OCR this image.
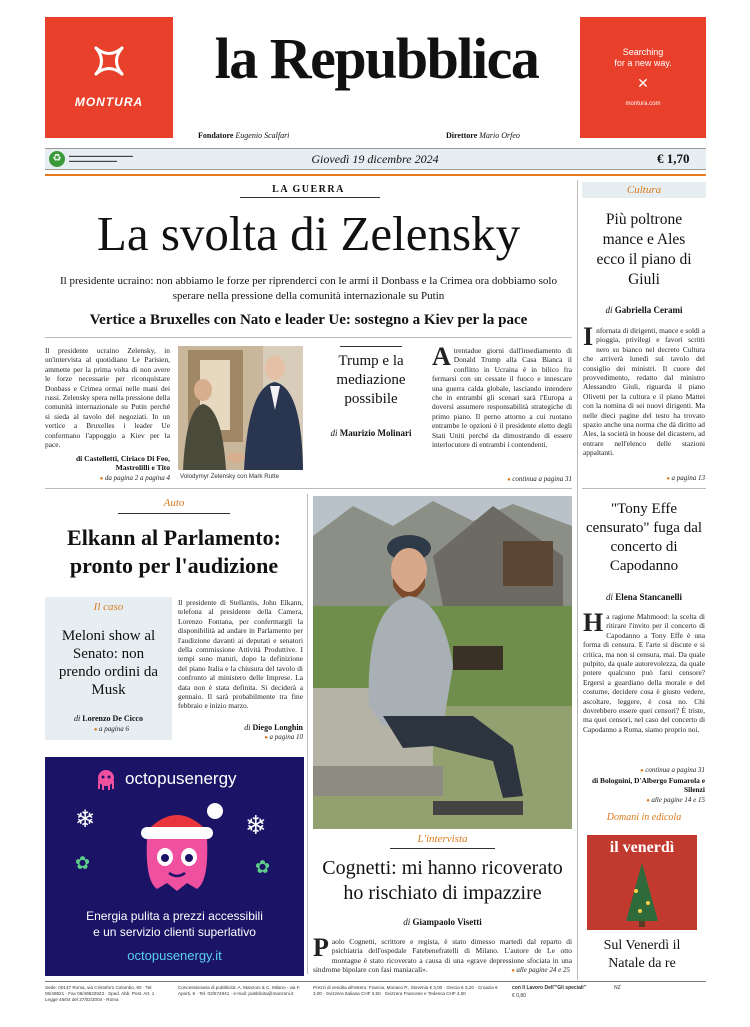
MONTURA
la Repubblica
Fondatore Eugenio Scalfari	Direttore Mario Orfeo
Searching
for a new way.
✕
montura.com
♻	▬▬▬▬▬▬▬▬▬▬▬▬▬▬▬▬
▬▬▬▬▬▬▬▬▬▬▬▬	Giovedì 19 dicembre 2024	€ 1,70
LA GUERRA
La svolta di Zelensky
Il presidente ucraino: non abbiamo le forze per riprenderci con le armi il Donbass e la Crimea ora dobbiamo solo sperare nella pressione della comunità internazionale su Putin
Vertice a Bruxelles con Nato e leader Ue: sostegno a Kiev per la pace
Il presidente ucraino Zelensky, in un'intervista al quotidiano Le Parisien, ammette per la prima volta di non avere le forze necessarie per riconquistare Donbass e Crimea ormai nelle mani dei russi. Zelensky spera nella pressione della comunità internazionale su Putin perché si sieda al tavolo del negoziati. In un vertice a Bruxelles i leader Ue confermano l'appoggio a Kiev per la pace.
di Castelletti, Ciriaco Di Feo, Mastrolilli e Tito
● da pagina 2 a pagina 4 Volodymyr Zelensky con Mark Rutte
Trump e la mediazione possibile
di Maurizio Molinari
Atrentadue giorni dall'insediamento di Donald Trump alla Casa Bianca il conflitto in Ucraina è in bilico fra fermarsi con un cessate il fuoco e innescare una guerra calda globale, lasciando intendere che in entrambi gli scenari sarà l'Europa a doversi assumere responsabilità strategiche di primo piano. Il perno attorno a cui ruotano entrambe le opzioni è il presidente eletto degli Stati Uniti perché da dimostrando di essere interlocutore di entrambi i contendenti.
● continua a pagina 31
Auto
Elkann al Parlamento: pronto per l'audizione
Il caso
Meloni show al Senato: non prendo ordini da Musk
di Lorenzo De Cicco
● a pagina 6
Il presidente di Stellantis, John Elkann, telefona al presidente della Camera, Lorenzo Fontana, per confermargli la disponibilità ad andare in Parlamento per l'audizione davanti ai deputati e senatori della commissione Attività Produttive. I tempi sono maturi, dopo la definizione del piano Italia e la chiusura del tavolo di confronto al ministero delle Imprese. La data non è stata definita. Si deciderà a gennaio. Il sarà probabilmente tra fine febbraio e inizio marzo.
di Diego Longhin
● a pagina 10
octopusenergy
❄	❄
✿	✿
Energia pulita a prezzi accessibili
e un servizio clienti superlativo
octopusenergy.it
L'intervista
Cognetti: mi hanno ricoverato ho rischiato di impazzire
di Giampaolo Visetti
Paolo Cognetti, scrittore e regista, è stato dimesso martedì dal reparto di psichiatria dell'ospedale Fatebenefratelli di Milano. L'autore de Le otto montagne è stato ricoverato a causa di una «grave depressione sfociata in una sindrome bipolare con fasi maniacali».
●	alle pagine 24 e 25
Cultura
Più poltrone mance e Ales ecco il piano di Giuli
di Gabriella Cerami
Infornata di dirigenti, mance e soldi a pioggia, privilegi e favori scritti nero su bianco nel decreto Cultura che arriverà lunedì sul tavolo del consiglio dei ministri. Il cuore del provvedimento, redatto dal ministro Alessandro Giuli, riguarda il piano Olivetti per la cultura e il piano Mattei con la nomina di sei nuovi dirigenti. Ma nelle dieci pagine del testo ha trovato spazio anche una norma che dà diritto ad Ales, la società in house del dicastero, ad entrare nell'elenco delle stazioni appaltanti.
● a pagina 13
"Tony Effe censurato" fuga dal concerto di Capodanno
di Elena Stancanelli
Ha ragione Mahmood: la scelta di ritirare l'invito per il concerto di Capodanno a Tony Effe è una forma di censura. E l'arte si discute e si critica, ma non si censura, mai. Da quale pulpito, da quale autorevolezza, da quale potere qualcuno può farsi censore? Ergersi a guardiano della morale e del costume, decidere cosa è giusto vedere, ascoltare, leggere, è cosa no. Chi dovrebbero essere quei censori? È triste, ma quei censori, nel caso del concerto di Capodanno a Roma, siamo proprio noi.
● continua a pagina 31
di Bolognini, D'Albergo Fumarola e Silenzi
● alle pagine 14 e 15
Domani in edicola
il venerdì
Sul Venerdì il Natale da re
Sede: 00147 Roma, via Cristoforo Colombo, 90 · Tel. 06/49821 · Fax 06/49822923 · Sped. Abb. Post. Art. 1 Legge 46/04 del 27/02/2004 - Roma
Concessionaria di pubblicità: A. Manzoni & C. Milano - via F. Aporti, 8 · Tel. 02/574941 · e-mail: pubblicita@manzoni.it
Prezzi di vendita all'estero: Francia, Monaco P., Slovenia € 3,00 · Grecia € 3,20 · Croazia € 3,00 · Svizzera Italiana CHF 3,50 · Svizzera Francese e Tedesca CHF 4,00
con Il Lavoro Dell'"Gli speciali"
€ 0,80
NZ
